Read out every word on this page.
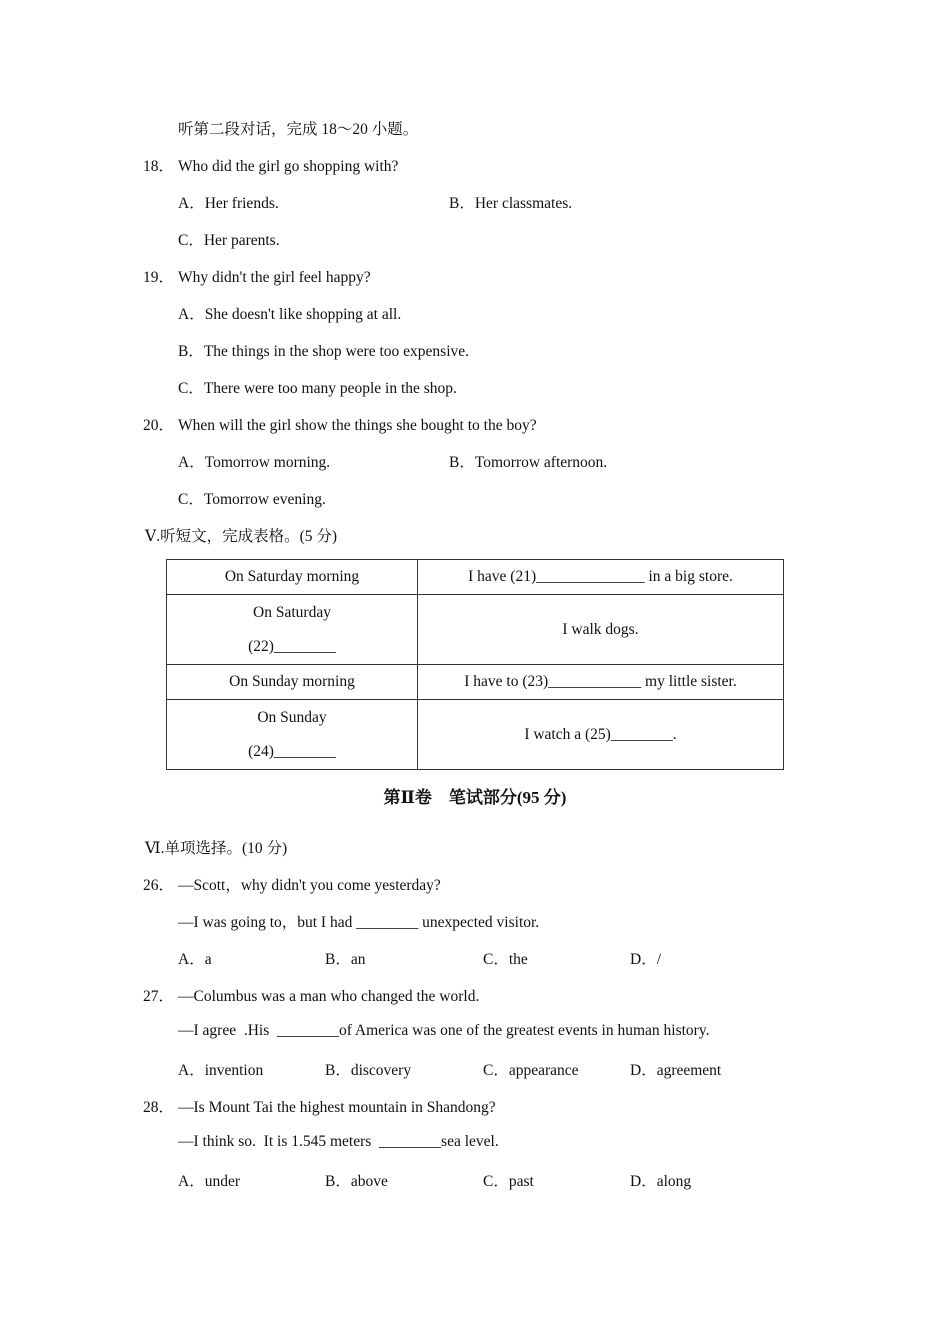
听第二段对话，完成 18～20 小题。
18． Who did the girl go shopping with?
A．Her friends.	B．Her classmates.
C．Her parents.
19． Why didn't the girl feel happy?
A．She doesn't like shopping at all.
B．The things in the shop were too expensive.
C．There were too many people in the shop.
20． When will the girl show the things she bought to the boy?
A．Tomorrow morning.	B．Tomorrow afternoon.
C．Tomorrow evening.
Ⅴ.听短文，完成表格。(5 分)
On Saturday morning	I have (21)______________ in a big store.

On Saturday
(22)________	I walk dogs.

On Sunday morning	I have to (23)____________ my little sister.

On Sunday
(24)________	I watch a (25)________.
第Ⅱ卷　笔试部分(95 分)
Ⅵ.单项选择。(10 分)
26． —Scott，why didn't you come yesterday?
—I was going to，but I had ________ unexpected visitor.
A．a	B．an	C．the	D．/
27． —Columbus was a man who changed the world.
—I agree  .His  ________of America was one of the greatest events in human history.
A．invention	B．discovery	C．appearance	D．agreement
28． —Is Mount Tai the highest mountain in Shandong?
—I think so.  It is 1.545 meters  ________sea level.
A．under	B．above	C．past	D．along
